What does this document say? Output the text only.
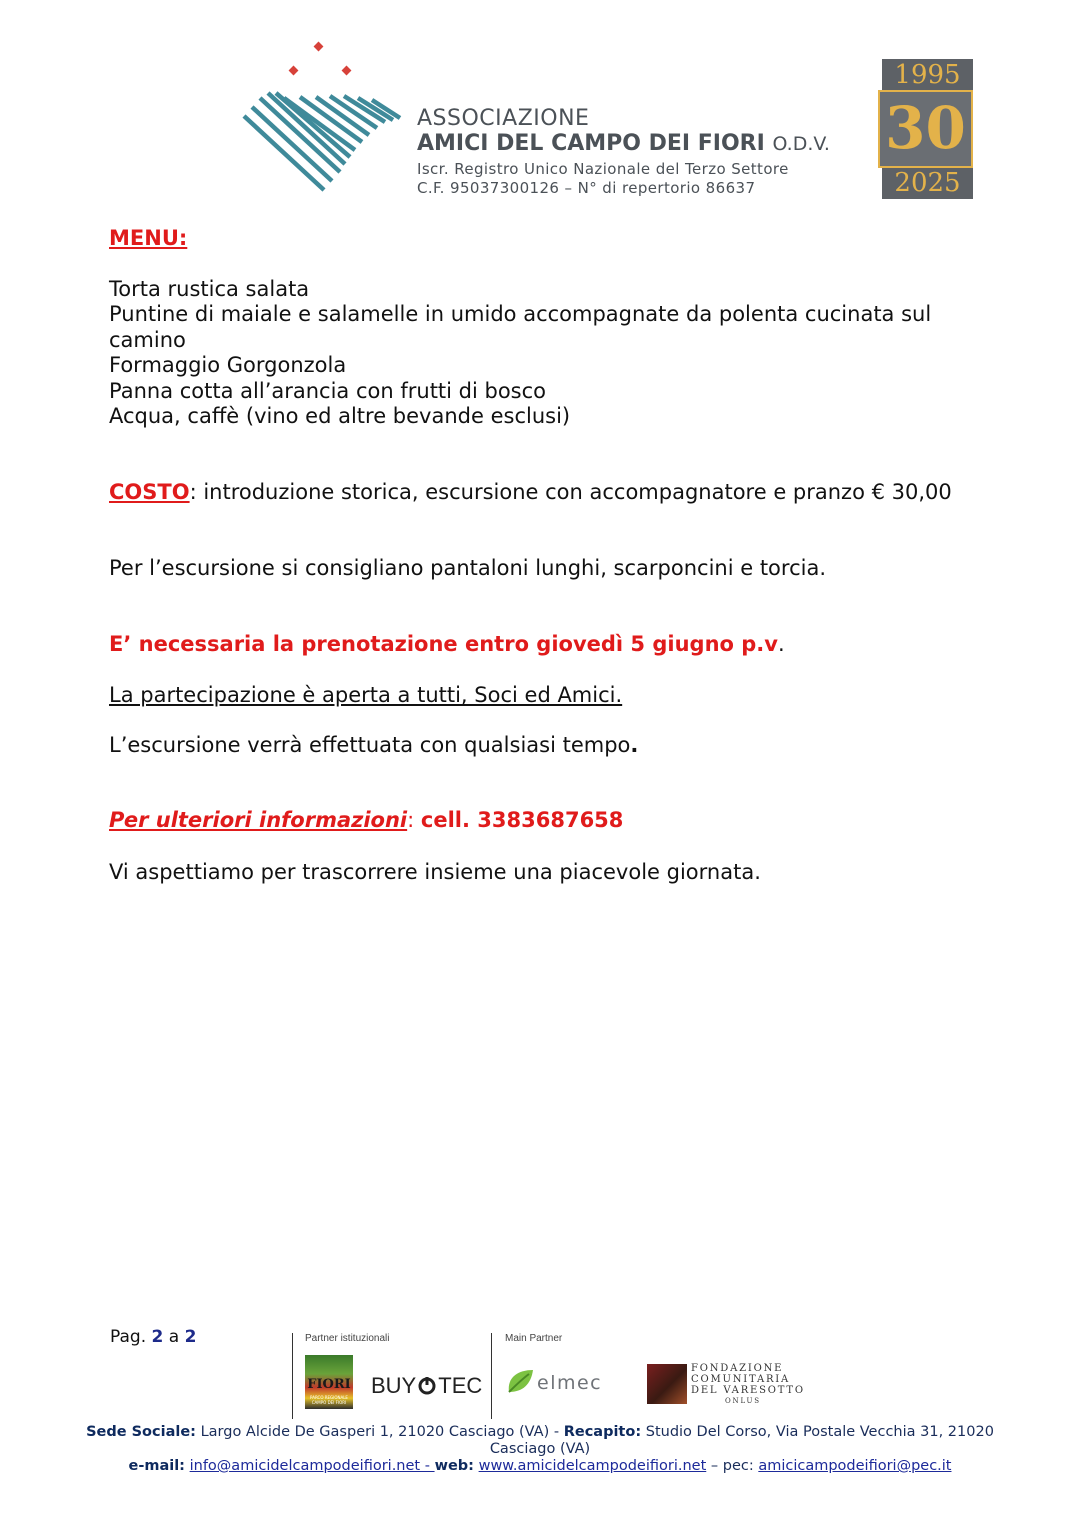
ASSOCIAZIONE
AMICI DEL CAMPO DEI FIORI O.D.V.
Iscr. Registro Unico Nazionale del Terzo Settore
C.F. 95037300126 – N° di repertorio 86637
1995
30
2025
MENU:
Torta rustica salata
Puntine di maiale e salamelle in umido accompagnate da polenta cucinata sul
camino
Formaggio Gorgonzola
Panna cotta all’arancia con frutti di bosco
Acqua, caffè (vino ed altre bevande esclusi)
COSTO: introduzione storica, escursione con accompagnatore e pranzo € 30,00
Per l’escursione si consigliano pantaloni lunghi, scarponcini e torcia.
E’ necessaria la prenotazione entro giovedì 5 giugno p.v.
La partecipazione è aperta a tutti, Soci ed Amici.
L’escursione verrà effettuata con qualsiasi tempo.
Per ulteriori informazioni: cell. 3383687658
Vi aspettiamo per trascorrere insieme una piacevole giornata.
Pag. 2 a 2	Partner istituzionali
FIORI
PARCO REGIONALE CAMPO DEI FIORI
BUY TEC
Main Partner
elmec
FONDAZIONE
COMUNITARIA
DEL VARESOTTO
ONLUS
Sede Sociale: Largo Alcide De Gasperi 1, 21020 Casciago (VA) - Recapito: Studio Del Corso, Via Postale Vecchia 31, 21020
Casciago (VA)
e-mail: info@amicidelcampodeifiori.net - web: www.amicidelcampodeifiori.net – pec: amicicampodeifiori@pec.it
